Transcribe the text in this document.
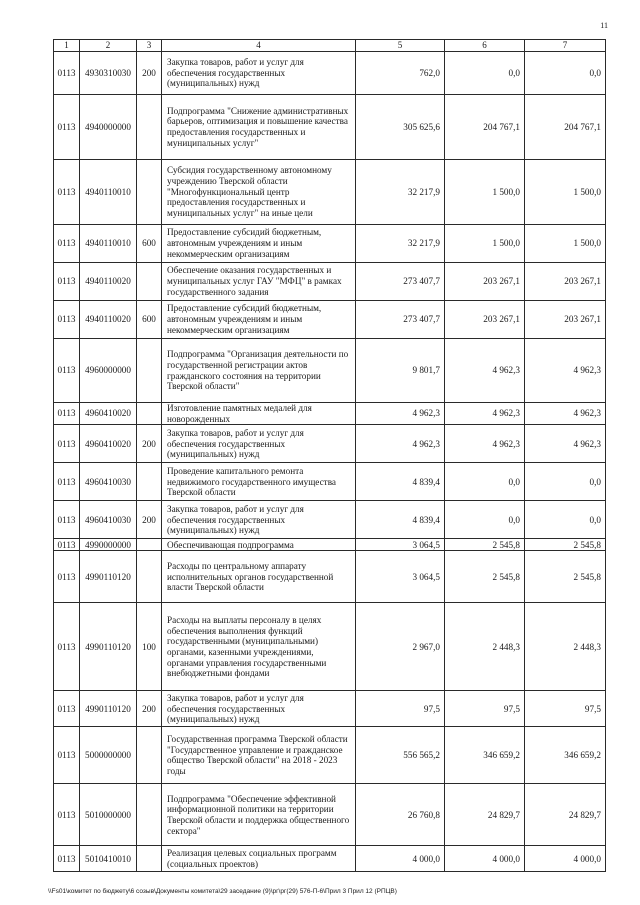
11
1	2	3	4	5	6	7
0113	4930310030	200	Закупка товаров, работ и услуг для обеспечения государственных (муниципальных) нужд	762,0	0,0	0,0
0113	4940000000		Подпрограмма "Снижение административных барьеров, оптимизация и повышение качества предоставления государственных и муниципальных услуг"	305 625,6	204 767,1	204 767,1
0113	4940110010		Субсидия государственному автономному учреждению Тверской области "Многофункциональный центр предоставления государственных и муниципальных услуг" на иные цели	32 217,9	1 500,0	1 500,0
0113	4940110010	600	Предоставление субсидий бюджетным, автономным учреждениям и иным некоммерческим организациям	32 217,9	1 500,0	1 500,0
0113	4940110020		Обеспечение оказания государственных и муниципальных услуг ГАУ "МФЦ" в рамках государственного задания	273 407,7	203 267,1	203 267,1
0113	4940110020	600	Предоставление субсидий бюджетным, автономным учреждениям и иным некоммерческим организациям	273 407,7	203 267,1	203 267,1
0113	4960000000		Подпрограмма "Организация деятельности по государственной регистрации актов гражданского состояния на территории Тверской области"	9 801,7	4 962,3	4 962,3
0113	4960410020		Изготовление памятных медалей для новорожденных	4 962,3	4 962,3	4 962,3
0113	4960410020	200	Закупка товаров, работ и услуг для обеспечения государственных (муниципальных) нужд	4 962,3	4 962,3	4 962,3
0113	4960410030		Проведение капитального ремонта недвижимого государственного имущества Тверской области	4 839,4	0,0	0,0
0113	4960410030	200	Закупка товаров, работ и услуг для обеспечения государственных (муниципальных) нужд	4 839,4	0,0	0,0
0113	4990000000		Обеспечивающая подпрограмма	3 064,5	2 545,8	2 545,8
0113	4990110120		Расходы по центральному аппарату исполнительных органов государственной власти Тверской области	3 064,5	2 545,8	2 545,8
0113	4990110120	100	Расходы на выплаты персоналу в целях обеспечения выполнения функций государственными (муниципальными) органами, казенными учреждениями, органами управления государственными внебюджетными фондами	2 967,0	2 448,3	2 448,3
0113	4990110120	200	Закупка товаров, работ и услуг для обеспечения государственных (муниципальных) нужд	97,5	97,5	97,5
0113	5000000000		Государственная программа Тверской области "Государственное управление и гражданское общество Тверской области" на 2018 - 2023 годы	556 565,2	346 659,2	346 659,2
0113	5010000000		Подпрограмма "Обеспечение эффективной информационной политики на территории Тверской области и поддержка общественного сектора"	26 760,8	24 829,7	24 829,7
0113	5010410010		Реализация целевых социальных программ (социальных проектов)	4 000,0	4 000,0	4 000,0
\\Fs01\комитет по бюджету\6 созыв\Документы комитета\29 заседание (9)\рг\рг(29) 576-П-6\Прил 3 Прил 12 (РПЦВ)
